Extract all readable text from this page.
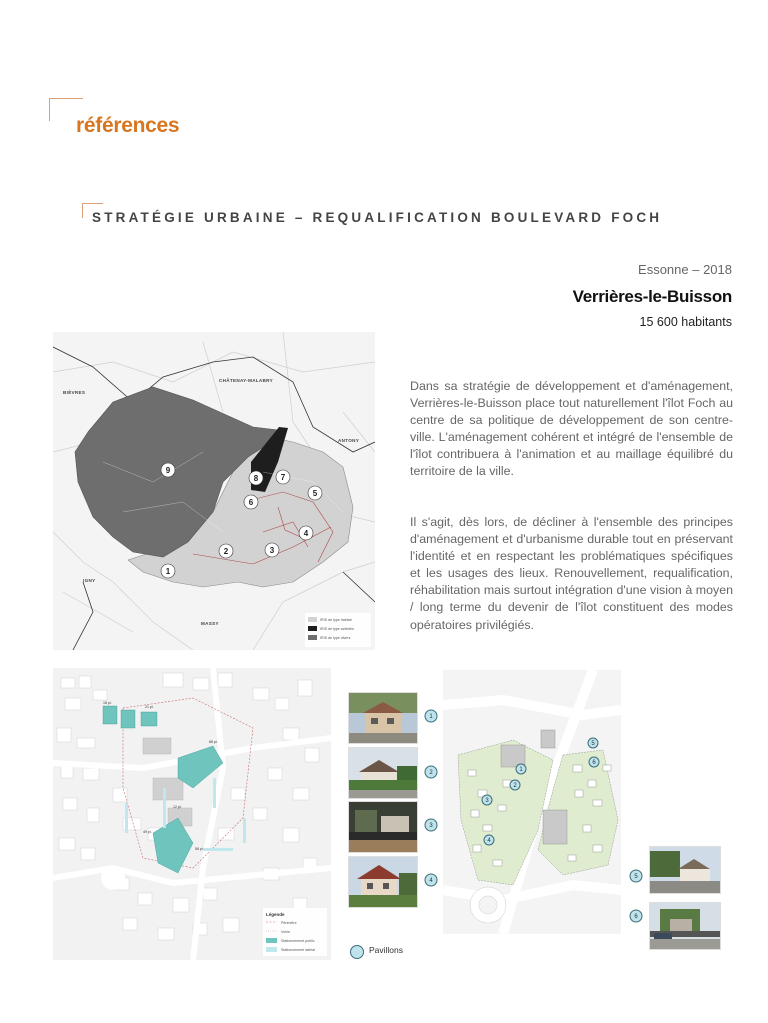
références
STRATÉGIE URBAINE – REQUALIFICATION BOULEVARD FOCH
Essonne – 2018
Verrières-le-Buisson
15 600 habitants

Dans sa stratégie de développement et d'aménagement, Verrières-le-Buisson place tout naturellement l'îlot Foch au centre de sa politique de développement de son centre-ville. L'aménagement cohérent et intégré de l'ensemble de l'îlot contribuera à l'animation et au maillage équilibré du territoire de la ville.

Il s'agit, dès lors, de décliner à l'ensemble des principes d'aménagement et d'urbanisme durable tout en préservant l'identité et en respectant les problématiques spécifiques et les usages des lieux. Renouvellement, requalification, réhabilitation mais surtout intégration d'une vision à moyen / long terme du devenir de l'îlot constituent des modes opératoires privilégiés.

9
8	7
6
5
4
3
2
1
BIÈVRES
CHÂTENAY-MALABRY
ANTONY
IGNY
MASSY
IRIS de type habitat
IRIS de type activités
IRIS de type divers
18 pl.
21 pl.
88 pl.
49 pl.
58 pl.
12 pl.
Légende
Périmètre
Voirie
Stationnement public
Stationnement latéral
1
2
3
4
1
2
3
4
5
6
5
6
Pavillons
